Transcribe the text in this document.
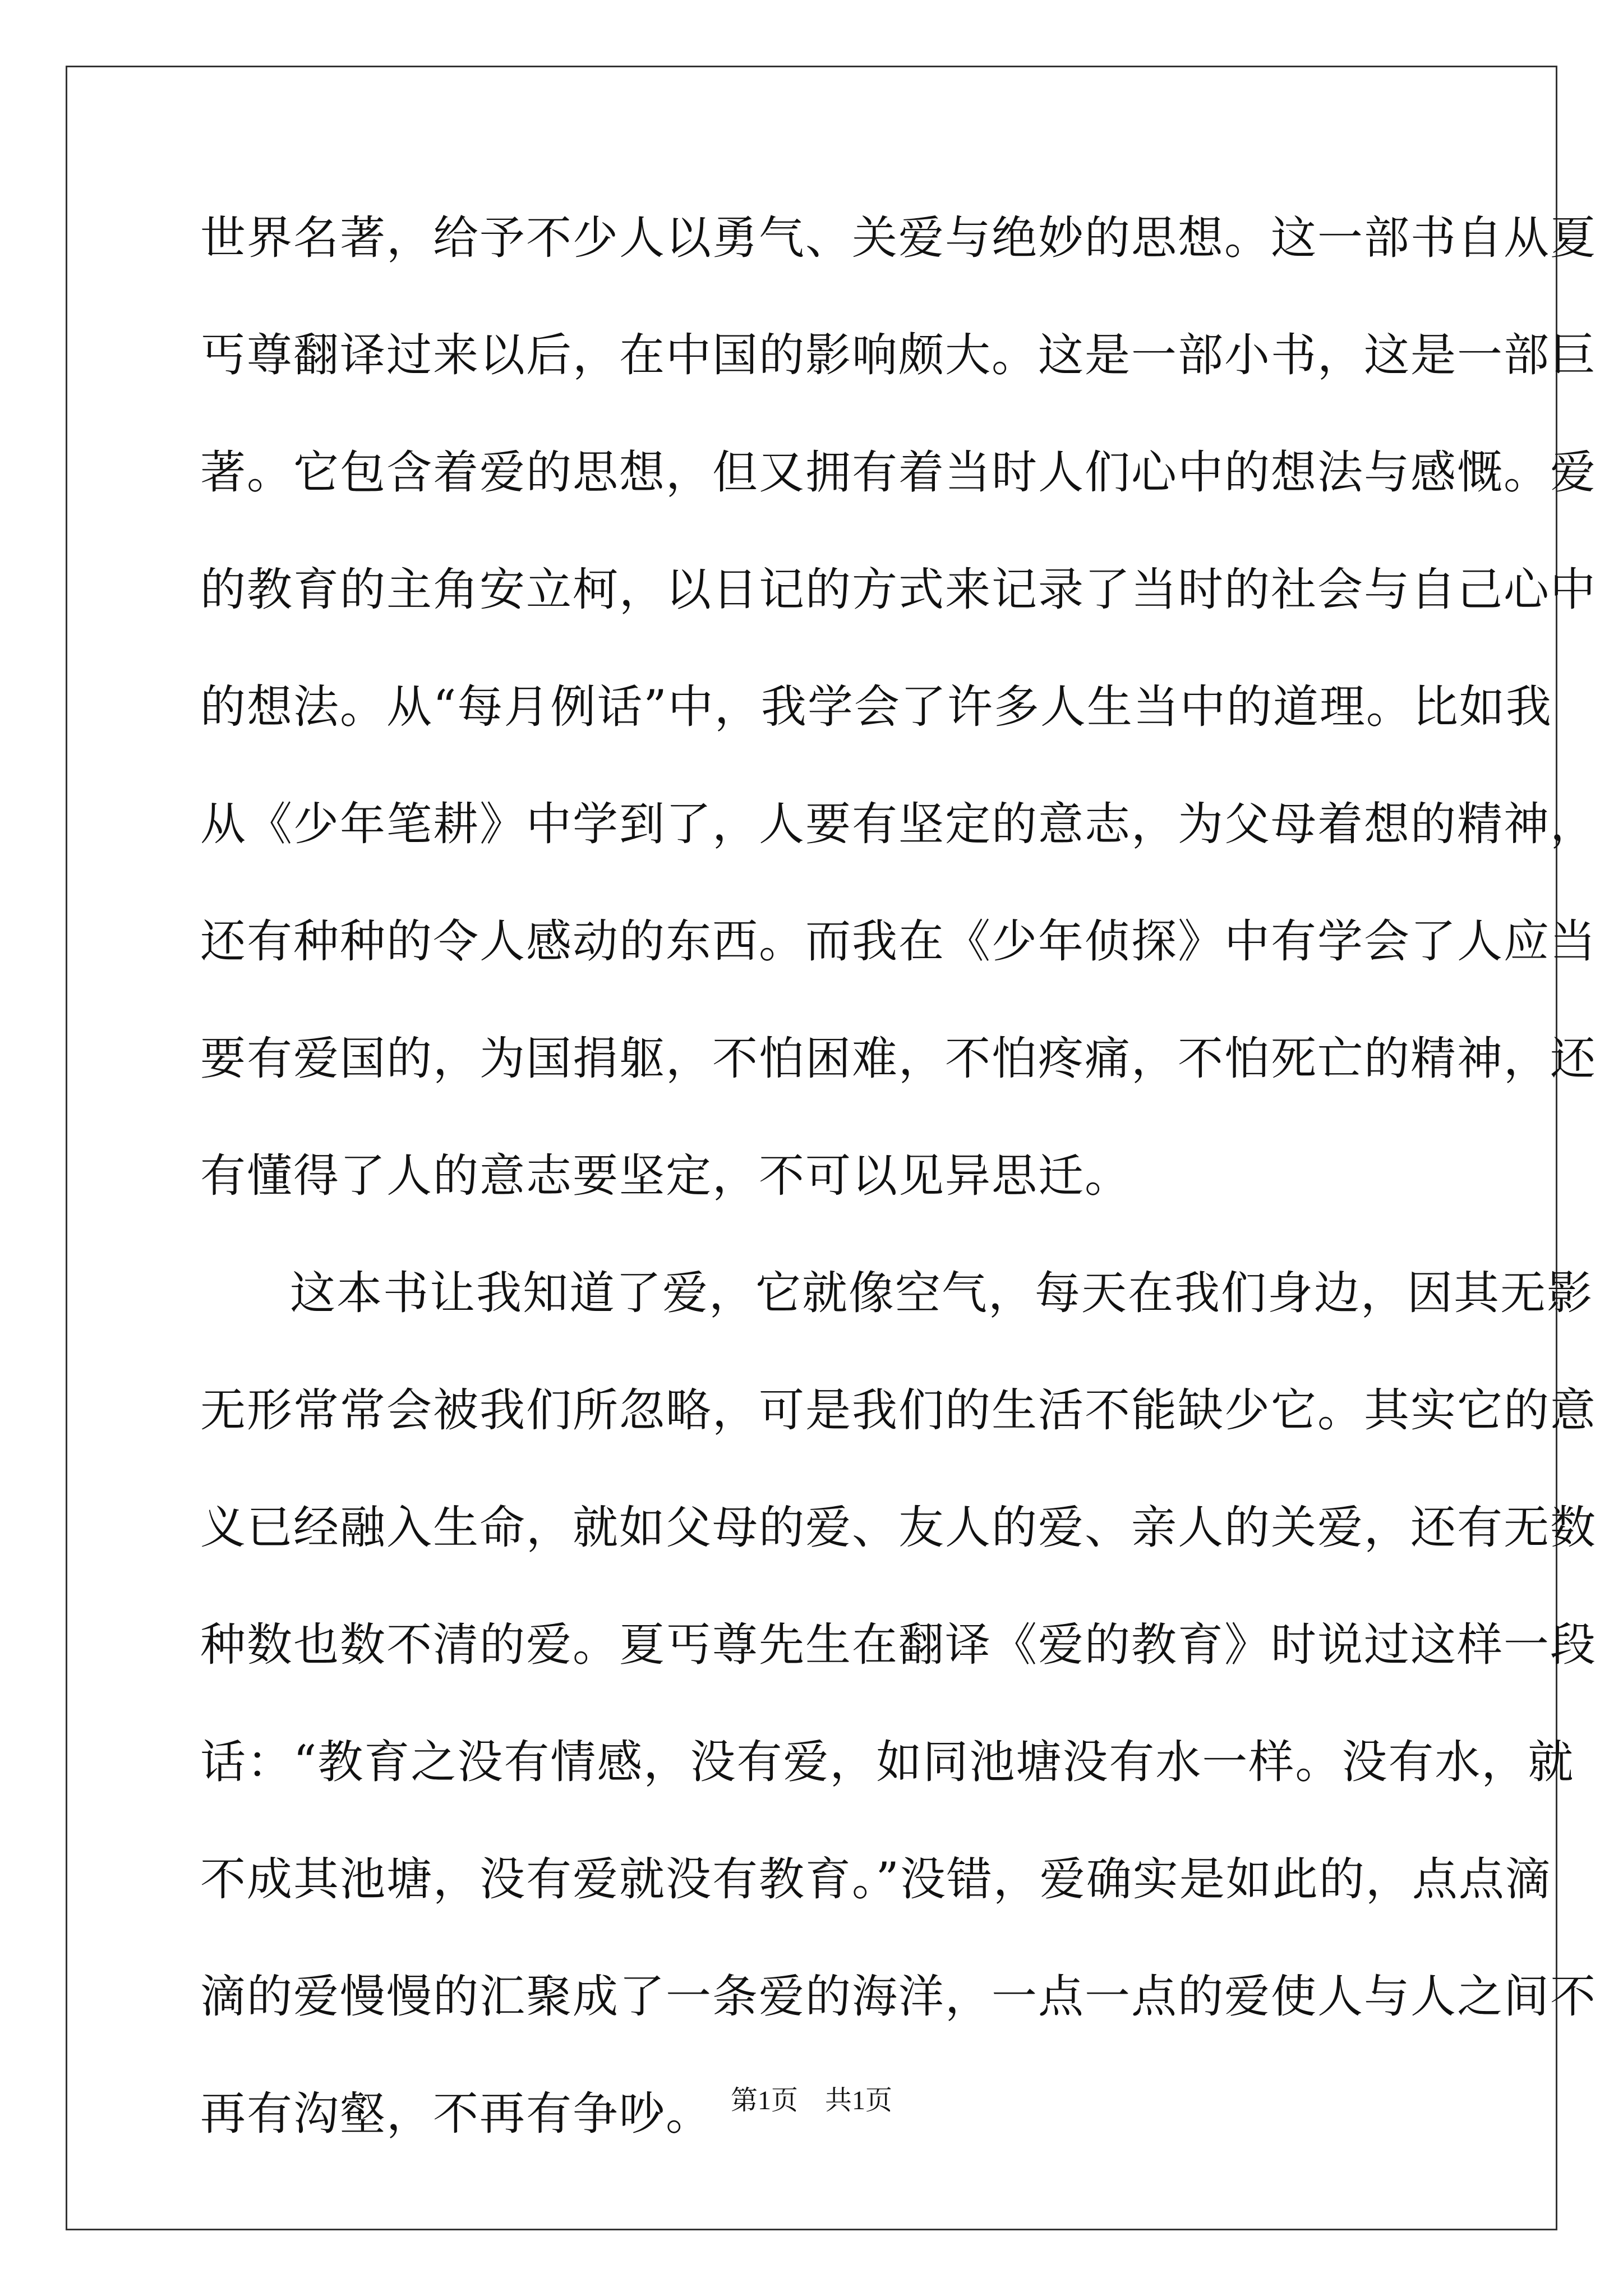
世界名著，给予不少人以勇气、关爱与绝妙的思想。这一部书自从夏
丐尊翻译过来以后，在中国的影响颇大。这是一部小书，这是一部巨
著。它包含着爱的思想，但又拥有着当时人们心中的想法与感慨。爱
的教育的主角安立柯，以日记的方式来记录了当时的社会与自己心中
的想法。从“每月例话”中，我学会了许多人生当中的道理。比如我
从《少年笔耕》中学到了，人要有坚定的意志，为父母着想的精神，
还有种种的令人感动的东西。而我在《少年侦探》中有学会了人应当
要有爱国的，为国捐躯，不怕困难，不怕疼痛，不怕死亡的精神，还
有懂得了人的意志要坚定，不可以见异思迁。
这本书让我知道了爱，它就像空气，每天在我们身边，因其无影
无形常常会被我们所忽略，可是我们的生活不能缺少它。其实它的意
义已经融入生命，就如父母的爱、友人的爱、亲人的关爱，还有无数
种数也数不清的爱。夏丐尊先生在翻译《爱的教育》时说过这样一段
话：“教育之没有情感，没有爱，如同池塘没有水一样。没有水，就
不成其池塘，没有爱就没有教育。”没错，爱确实是如此的，点点滴
滴的爱慢慢的汇聚成了一条爱的海洋，一点一点的爱使人与人之间不
再有沟壑，不再有争吵。 第1页 共1页
